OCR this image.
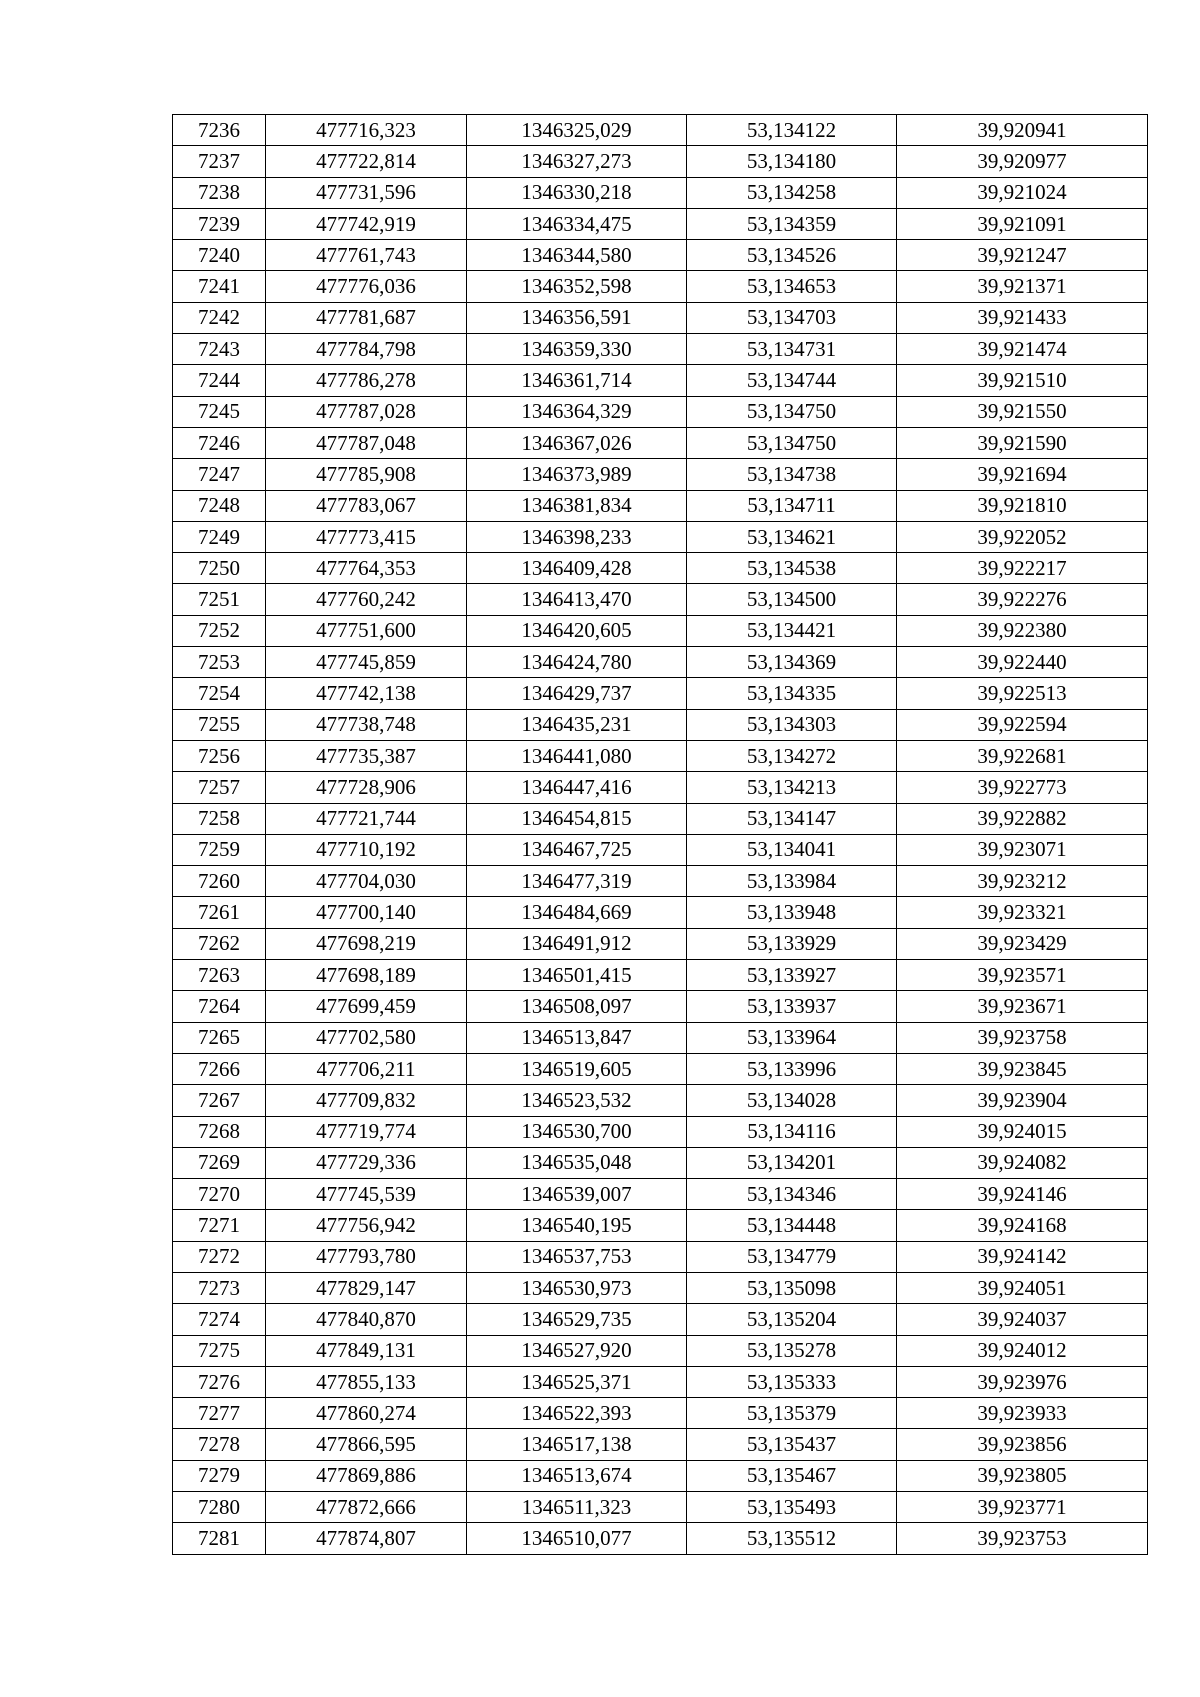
7236	477716,323	1346325,029	53,134122	39,920941
7237	477722,814	1346327,273	53,134180	39,920977
7238	477731,596	1346330,218	53,134258	39,921024
7239	477742,919	1346334,475	53,134359	39,921091
7240	477761,743	1346344,580	53,134526	39,921247
7241	477776,036	1346352,598	53,134653	39,921371
7242	477781,687	1346356,591	53,134703	39,921433
7243	477784,798	1346359,330	53,134731	39,921474
7244	477786,278	1346361,714	53,134744	39,921510
7245	477787,028	1346364,329	53,134750	39,921550
7246	477787,048	1346367,026	53,134750	39,921590
7247	477785,908	1346373,989	53,134738	39,921694
7248	477783,067	1346381,834	53,134711	39,921810
7249	477773,415	1346398,233	53,134621	39,922052
7250	477764,353	1346409,428	53,134538	39,922217
7251	477760,242	1346413,470	53,134500	39,922276
7252	477751,600	1346420,605	53,134421	39,922380
7253	477745,859	1346424,780	53,134369	39,922440
7254	477742,138	1346429,737	53,134335	39,922513
7255	477738,748	1346435,231	53,134303	39,922594
7256	477735,387	1346441,080	53,134272	39,922681
7257	477728,906	1346447,416	53,134213	39,922773
7258	477721,744	1346454,815	53,134147	39,922882
7259	477710,192	1346467,725	53,134041	39,923071
7260	477704,030	1346477,319	53,133984	39,923212
7261	477700,140	1346484,669	53,133948	39,923321
7262	477698,219	1346491,912	53,133929	39,923429
7263	477698,189	1346501,415	53,133927	39,923571
7264	477699,459	1346508,097	53,133937	39,923671
7265	477702,580	1346513,847	53,133964	39,923758
7266	477706,211	1346519,605	53,133996	39,923845
7267	477709,832	1346523,532	53,134028	39,923904
7268	477719,774	1346530,700	53,134116	39,924015
7269	477729,336	1346535,048	53,134201	39,924082
7270	477745,539	1346539,007	53,134346	39,924146
7271	477756,942	1346540,195	53,134448	39,924168
7272	477793,780	1346537,753	53,134779	39,924142
7273	477829,147	1346530,973	53,135098	39,924051
7274	477840,870	1346529,735	53,135204	39,924037
7275	477849,131	1346527,920	53,135278	39,924012
7276	477855,133	1346525,371	53,135333	39,923976
7277	477860,274	1346522,393	53,135379	39,923933
7278	477866,595	1346517,138	53,135437	39,923856
7279	477869,886	1346513,674	53,135467	39,923805
7280	477872,666	1346511,323	53,135493	39,923771
7281	477874,807	1346510,077	53,135512	39,923753
